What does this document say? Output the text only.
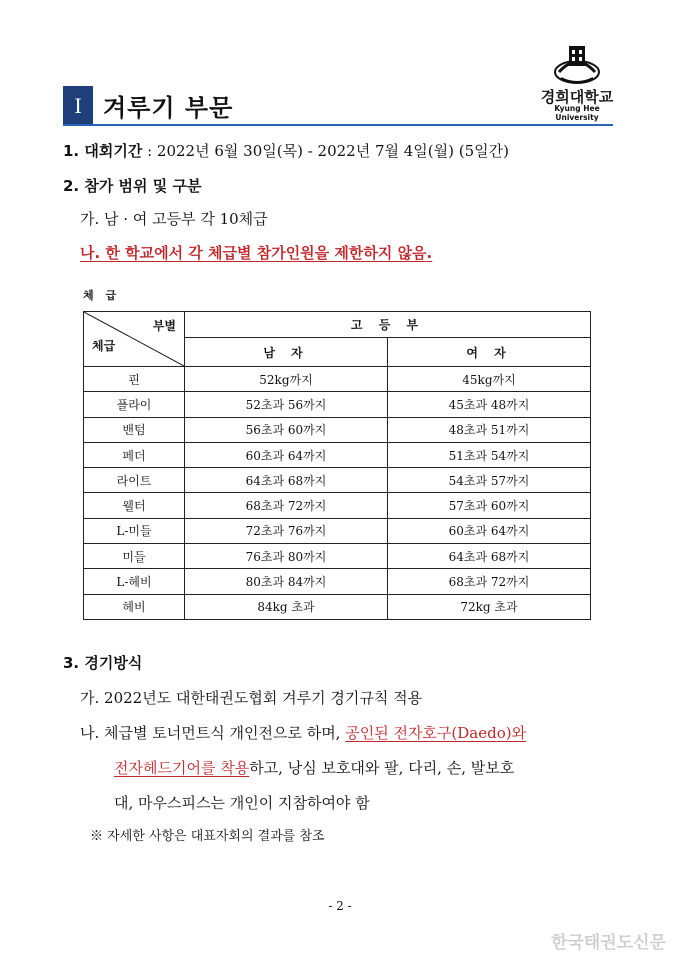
I 겨루기 부문	경희대학교
Kyung Hee University
1. 대회기간 : 2022년 6월 30일(목) - 2022년 7월 4일(월) (5일간)
2. 참가 범위 및 구분
가. 남 · 여 고등부 각 10체급
나. 한 학교에서 각 체급별 참가인원을 제한하지 않음.
체 급
부별
체급	고 등 부	
	남 자	여 자
핀	52kg까지	45kg까지
플라이	52초과 56까지	45초과 48까지
밴텀	56초과 60까지	48초과 51까지
페더	60초과 64까지	51초과 54까지
라이트	64초과 68까지	54초과 57까지
웰터	68초과 72까지	57초과 60까지
L-미들	72초과 76까지	60초과 64까지
미들	76초과 80까지	64초과 68까지
L-헤비	80초과 84까지	68초과 72까지
헤비	84kg 초과	72kg 초과
3. 경기방식
가. 2022년도 대한태권도협회 겨루기 경기규칙 적용
나. 체급별 토너먼트식 개인전으로 하며, 공인된 전자호구(Daedo)와
전자헤드기어를 착용하고, 낭심 보호대와 팔, 다리, 손, 발보호
대, 마우스피스는 개인이 지참하여야 함
※ 자세한 사항은 대표자회의 결과를 참조
- 2 -
한국태권도신문
